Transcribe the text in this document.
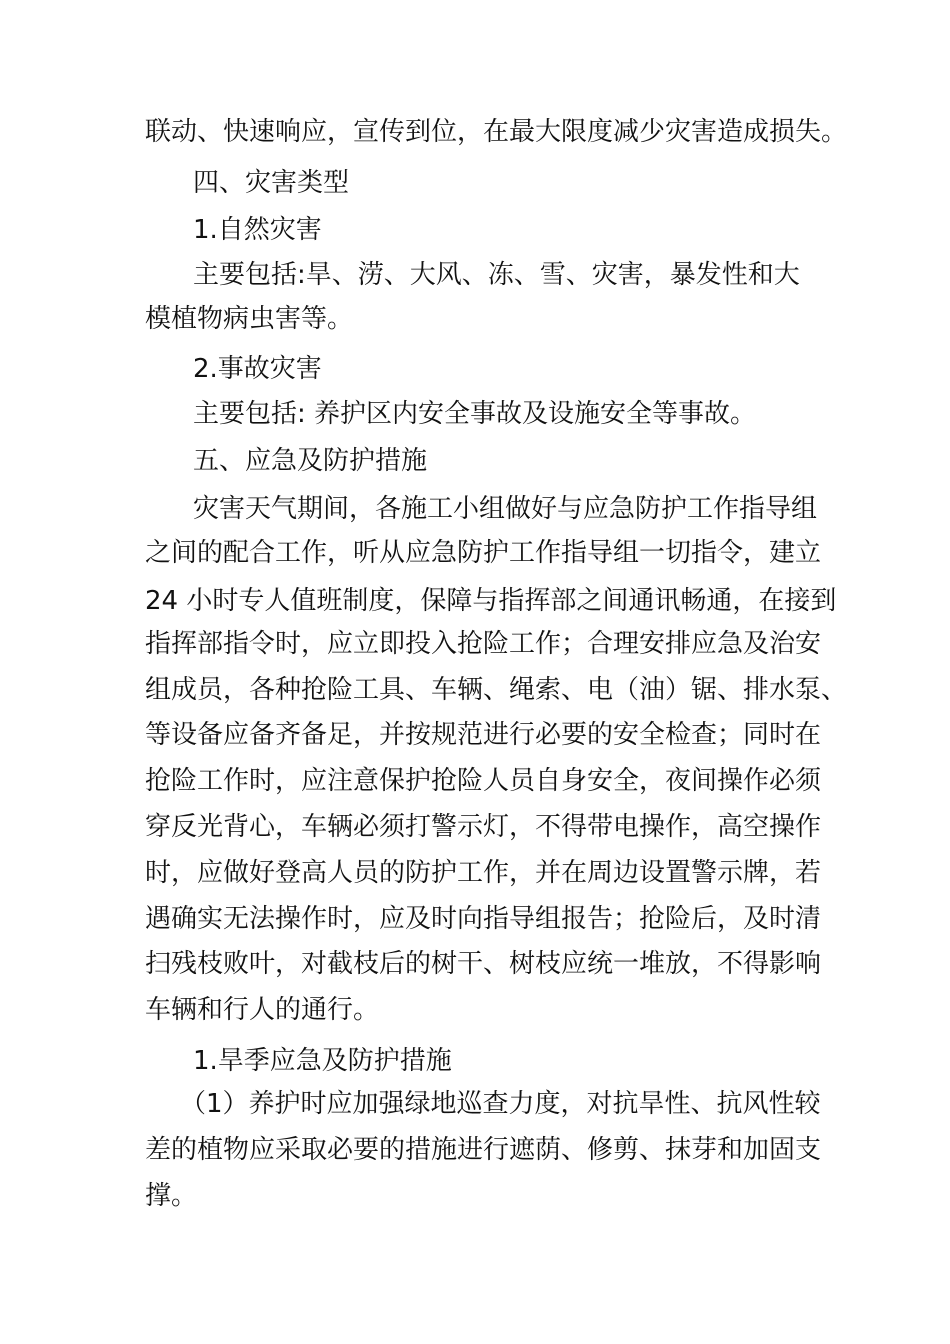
联动、快速响应，宣传到位，在最大限度减少灾害造成损失。
四、灾害类型
1.自然灾害
主要包括:旱、涝、大风、冻、雪、灾害，暴发性和大
模植物病虫害等。
2.事故灾害
主要包括: 养护区内安全事故及设施安全等事故。
五、应急及防护措施
灾害天气期间，各施工小组做好与应急防护工作指导组
之间的配合工作，听从应急防护工作指导组一切指令，建立
24 小时专人值班制度，保障与指挥部之间通讯畅通，在接到
指挥部指令时，应立即投入抢险工作；合理安排应急及治安
组成员，各种抢险工具、车辆、绳索、电（油）锯、排水泵、
等设备应备齐备足，并按规范进行必要的安全检查；同时在
抢险工作时，应注意保护抢险人员自身安全，夜间操作必须
穿反光背心，车辆必须打警示灯，不得带电操作，高空操作
时，应做好登高人员的防护工作，并在周边设置警示牌，若
遇确实无法操作时，应及时向指导组报告；抢险后，及时清
扫残枝败叶，对截枝后的树干、树枝应统一堆放，不得影响
车辆和行人的通行。
1.旱季应急及防护措施
（1）养护时应加强绿地巡查力度，对抗旱性、抗风性较
差的植物应采取必要的措施进行遮荫、修剪、抹芽和加固支
撑。
